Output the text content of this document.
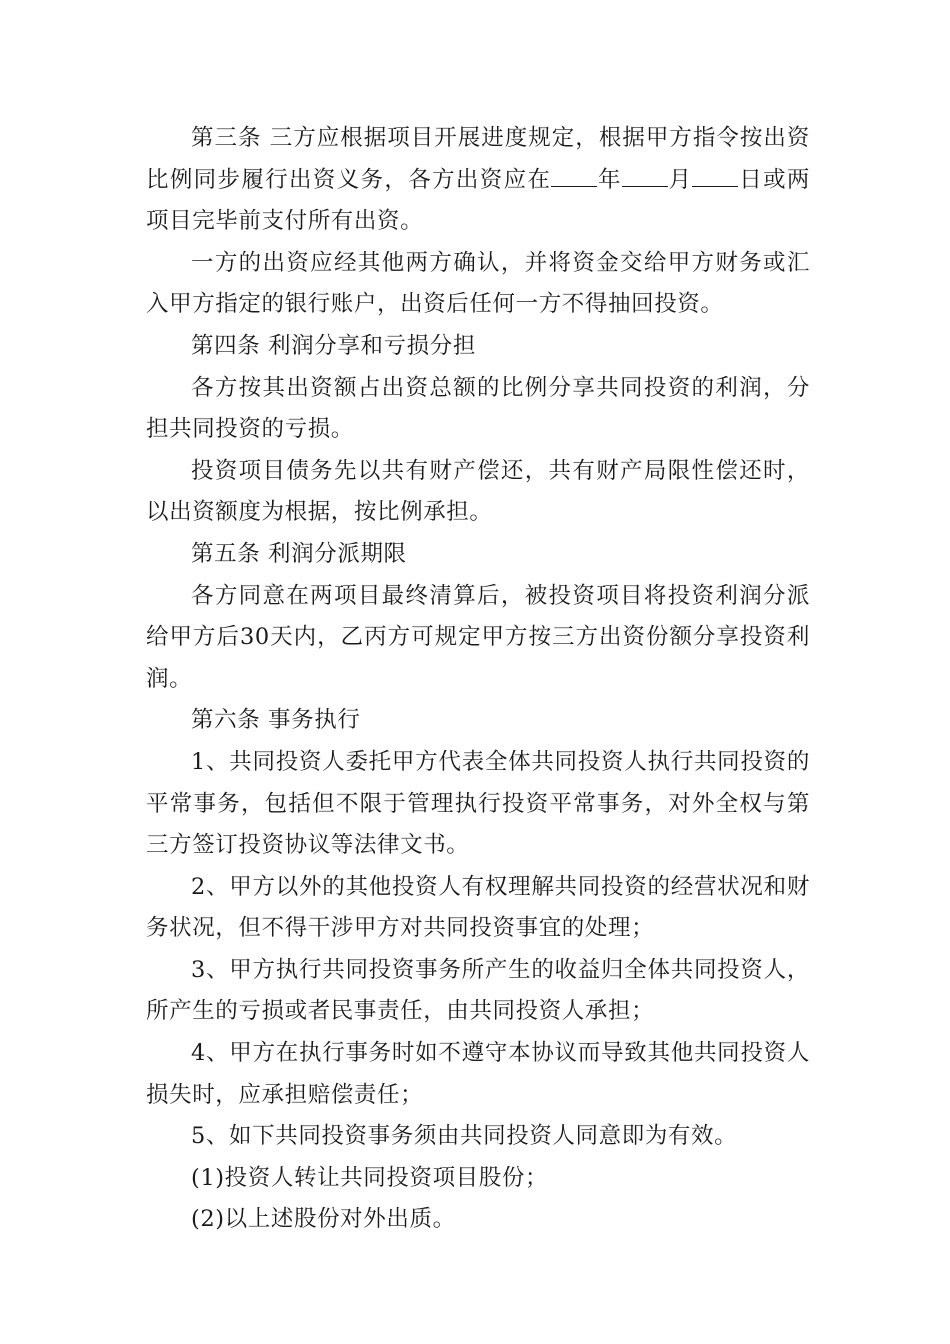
第三条 三方应根据项目开展进度规定，根据甲方指令按出资比例同步履行出资义务，各方出资应在 年 月 日或两项目完毕前支付所有出资。

一方的出资应经其他两方确认，并将资金交给甲方财务或汇入甲方指定的银行账户，出资后任何一方不得抽回投资。

第四条 利润分享和亏损分担

各方按其出资额占出资总额的比例分享共同投资的利润，分担共同投资的亏损。

投资项目债务先以共有财产偿还，共有财产局限性偿还时，以出资额度为根据，按比例承担。

第五条 利润分派期限

各方同意在两项目最终清算后，被投资项目将投资利润分派给甲方后30天内，乙丙方可规定甲方按三方出资份额分享投资利润。

第六条 事务执行

1、共同投资人委托甲方代表全体共同投资人执行共同投资的平常事务，包括但不限于管理执行投资平常事务，对外全权与第三方签订投资协议等法律文书。

2、甲方以外的其他投资人有权理解共同投资的经营状况和财务状况，但不得干涉甲方对共同投资事宜的处理；

3、甲方执行共同投资事务所产生的收益归全体共同投资人，所产生的亏损或者民事责任，由共同投资人承担；

4、甲方在执行事务时如不遵守本协议而导致其他共同投资人损失时，应承担赔偿责任；

5、如下共同投资事务须由共同投资人同意即为有效。

(1)投资人转让共同投资项目股份；

(2)以上述股份对外出质。
